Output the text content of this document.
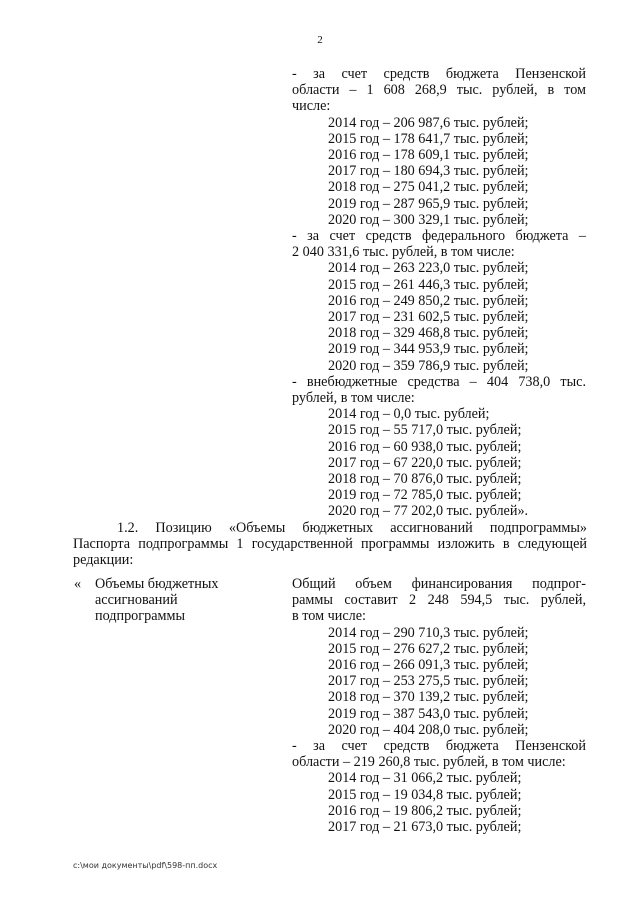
2
- за счет средств бюджета Пензенской
области – 1 608 268,9 тыс. рублей, в том
числе:
2014 год – 206 987,6 тыс. рублей;
2015 год – 178 641,7 тыс. рублей;
2016 год – 178 609,1 тыс. рублей;
2017 год – 180 694,3 тыс. рублей;
2018 год – 275 041,2 тыс. рублей;
2019 год – 287 965,9 тыс. рублей;
2020 год – 300 329,1 тыс. рублей;
- за счет средств федерального бюджета –
2 040 331,6 тыс. рублей, в том числе:
2014 год – 263 223,0 тыс. рублей;
2015 год – 261 446,3 тыс. рублей;
2016 год – 249 850,2 тыс. рублей;
2017 год – 231 602,5 тыс. рублей;
2018 год – 329 468,8 тыс. рублей;
2019 год – 344 953,9 тыс. рублей;
2020 год – 359 786,9 тыс. рублей;
- внебюджетные средства – 404 738,0 тыс.
рублей, в том числе:
2014 год – 0,0 тыс. рублей;
2015 год – 55 717,0 тыс. рублей;
2016 год – 60 938,0 тыс. рублей;
2017 год – 67 220,0 тыс. рублей;
2018 год – 70 876,0 тыс. рублей;
2019 год – 72 785,0 тыс. рублей;
2020 год – 77 202,0 тыс. рублей».
1.2. Позицию «Объемы бюджетных ассигнований подпрограммы»
Паспорта подпрограммы 1 государственной программы изложить в следующей
редакции:
« Объемы бюджетных
ассигнований
подпрограммы
Общий объем финансирования подпрог-
раммы составит 2 248 594,5 тыс. рублей,
в том числе:
2014 год – 290 710,3 тыс. рублей;
2015 год – 276 627,2 тыс. рублей;
2016 год – 266 091,3 тыс. рублей;
2017 год – 253 275,5 тыс. рублей;
2018 год – 370 139,2 тыс. рублей;
2019 год – 387 543,0 тыс. рублей;
2020 год – 404 208,0 тыс. рублей;
- за счет средств бюджета Пензенской
области – 219 260,8 тыс. рублей, в том числе:
2014 год – 31 066,2 тыс. рублей;
2015 год – 19 034,8 тыс. рублей;
2016 год – 19 806,2 тыс. рублей;
2017 год – 21 673,0 тыс. рублей;
c:\мои документы\pdf\598-пп.docx
